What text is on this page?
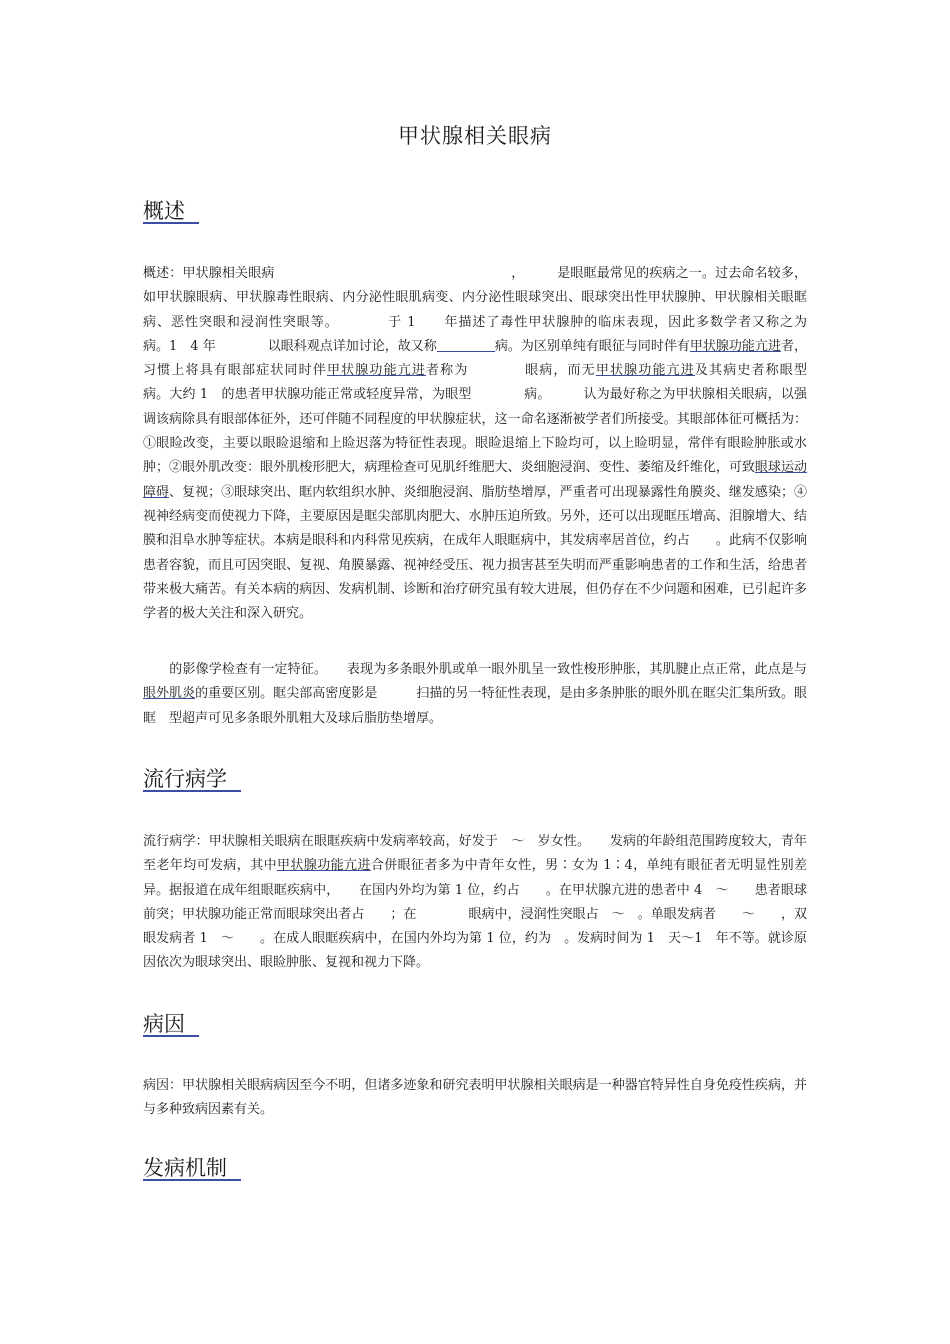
甲状腺相关眼病
概述

概述：甲状腺相关眼病　　　　　　　　　　　　　　　　　　，　　　是眼眶最常见的疾病之一。过去命名较多，如甲状腺眼病、甲状腺毒性眼病、内分泌性眼肌病变、内分泌性眼球突出、眼球突出性甲状腺肿、甲状腺相关眼眶病、恶性突眼和浸润性突眼等。　　　　于 1　　年描述了毒性甲状腺肿的临床表现，因此多数学者又称之为　　　　病。1　4 年　　　　以眼科观点详加讨论，故又称	病。为区别单纯有眼征与同时伴有甲状腺功能亢进者，习惯上将具有眼部症状同时伴甲状腺功能亢进者称为　　　　眼病，而无甲状腺功能亢进及其病史者称眼型　　　　病。大约 1　的患者甲状腺功能正常或轻度异常，为眼型　　　　病。　　　认为最好称之为甲状腺相关眼病，以强调该病除具有眼部体征外，还可伴随不同程度的甲状腺症状，这一命名逐渐被学者们所接受。其眼部体征可概括为：①眼睑改变，主要以眼睑退缩和上睑迟落为特征性表现。眼睑退缩上下睑均可，以上睑明显，常伴有眼睑肿胀或水肿；②眼外肌改变：眼外肌梭形肥大，病理检查可见肌纤维肥大、炎细胞浸润、变性、萎缩及纤维化，可致眼球运动障碍、复视；③眼球突出、眶内软组织水肿、炎细胞浸润、脂肪垫增厚，严重者可出现暴露性角膜炎、继发感染；④视神经病变而使视力下降，主要原因是眶尖部肌肉肥大、水肿压迫所致。另外，还可以出现眶压增高、泪腺增大、结膜和泪阜水肿等症状。本病是眼科和内科常见疾病，在成年人眼眶病中，其发病率居首位，约占　　。此病不仅影响患者容貌，而且可因突眼、复视、角膜暴露、视神经受压、视力损害甚至失明而严重影响患者的工作和生活，给患者带来极大痛苦。有关本病的病因、发病机制、诊断和治疗研究虽有较大进展，但仍存在不少问题和困难，已引起许多学者的极大关注和深入研究。

　　的影像学检查有一定特征。　　表现为多条眼外肌或单一眼外肌呈一致性梭形肿胀，其肌腱止点正常，此点是与眼外肌炎的重要区别。眶尖部高密度影是　　　扫描的另一特征性表现，是由多条肿胀的眼外肌在眶尖汇集所致。眼眶　型超声可见多条眼外肌粗大及球后脂肪垫增厚。

流行病学

流行病学：甲状腺相关眼病在眼眶疾病中发病率较高，好发于　～　岁女性。　　发病的年龄组范围跨度较大，青年至老年均可发病，其中甲状腺功能亢进合併眼征者多为中青年女性，男∶女为 1∶4，单纯有眼征者无明显性别差异。据报道在成年组眼眶疾病中，　　在国内外均为第 1 位，约占　　。在甲状腺亢进的患者中 4　～　　患者眼球前突；甲状腺功能正常而眼球突出者占　　；在　　　　眼病中，浸润性突眼占　～　。单眼发病者　　～　　，双眼发病者 1　～　　。在成人眼眶疾病中，在国内外均为第 1 位，约为　。发病时间为 1　天～1　年不等。就诊原因依次为眼球突出、眼睑肿胀、复视和视力下降。

病因

病因：甲状腺相关眼病病因至今不明，但诸多迹象和研究表明甲状腺相关眼病是一种器官特异性自身免疫性疾病，并与多种致病因素有关。

发病机制
